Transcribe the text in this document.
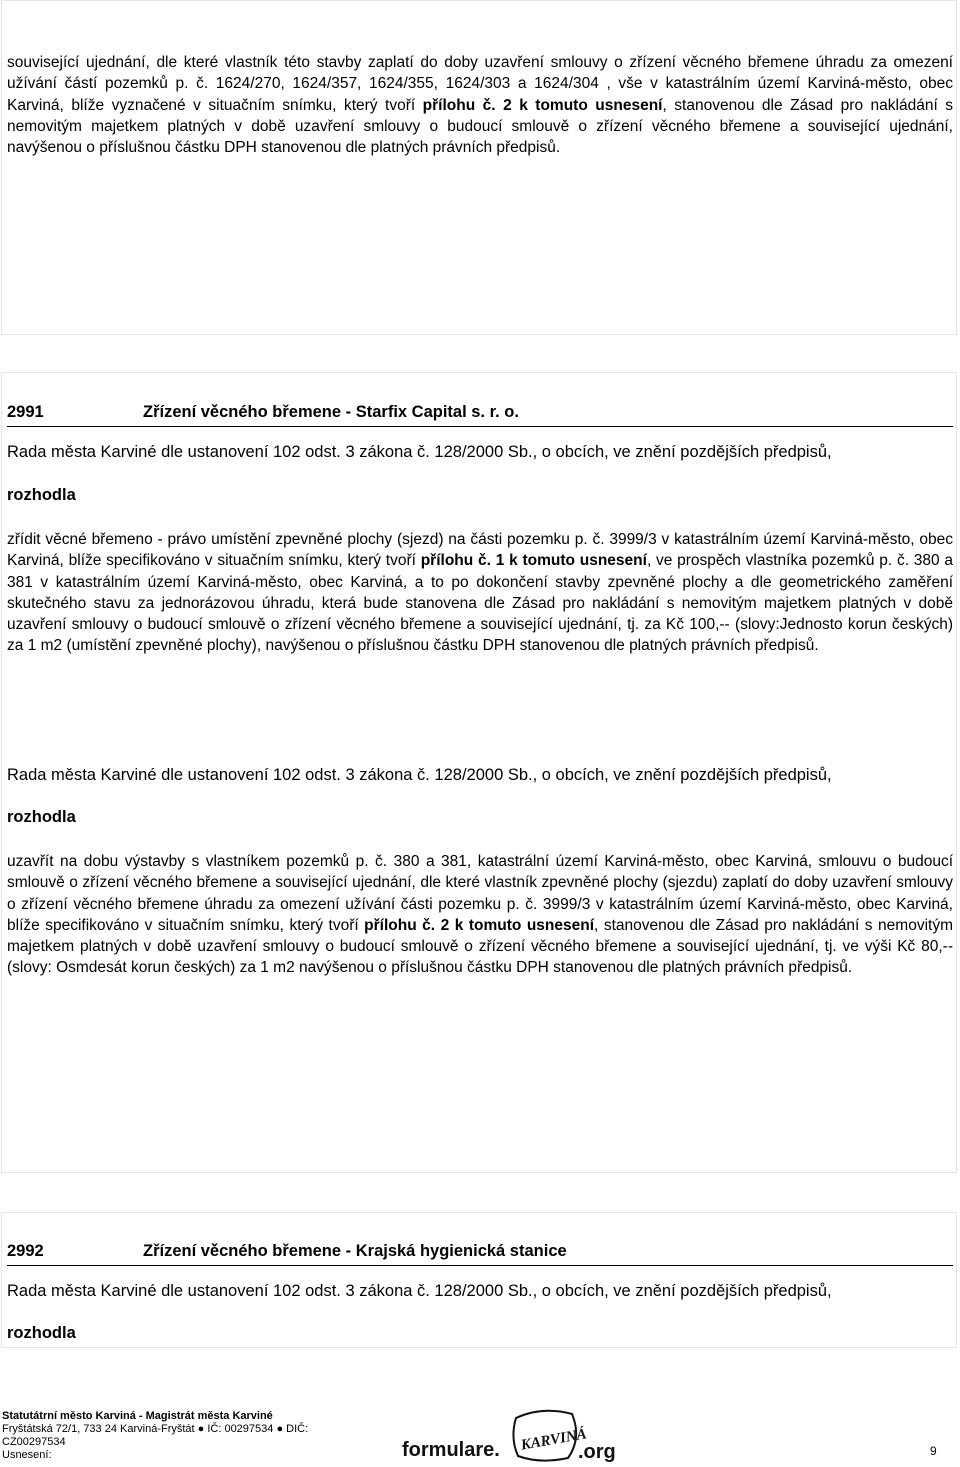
související ujednání, dle které vlastník této stavby zaplatí do doby uzavření smlouvy o zřízení věcného břemene úhradu za omezení užívání částí pozemků p. č. 1624/270, 1624/357, 1624/355, 1624/303 a 1624/304 , vše v katastrálním území Karviná-město, obec Karviná, blíže vyznačené v situačním snímku, který tvoří přílohu č. 2 k tomuto usnesení, stanovenou dle Zásad pro nakládání s nemovitým majetkem platných v době uzavření smlouvy o budoucí smlouvě o zřízení věcného břemene a související ujednání, navýšenou o příslušnou částku DPH stanovenou dle platných právních předpisů.
2991	Zřízení věcného břemene - Starfix Capital s. r. o.
Rada města Karviné dle ustanovení 102 odst. 3 zákona č. 128/2000 Sb., o obcích, ve znění pozdějších předpisů,
rozhodla
zřídit věcné břemeno - právo umístění zpevněné plochy (sjezd) na části pozemku p. č. 3999/3 v katastrálním území Karviná-město, obec Karviná, blíže specifikováno v situačním snímku, který tvoří přílohu č. 1 k tomuto usnesení, ve prospěch vlastníka pozemků p. č. 380 a 381 v katastrálním území Karviná-město, obec Karviná, a to po dokončení stavby zpevněné plochy a dle geometrického zaměření skutečného stavu za jednorázovou úhradu, která bude stanovena dle Zásad pro nakládání s nemovitým majetkem platných v době uzavření smlouvy o budoucí smlouvě o zřízení věcného břemene a související ujednání, tj. za Kč 100,-- (slovy:Jednosto korun českých) za 1 m2 (umístění zpevněné plochy), navýšenou o příslušnou částku DPH stanovenou dle platných právních předpisů.
Rada města Karviné dle ustanovení 102 odst. 3 zákona č. 128/2000 Sb., o obcích, ve znění pozdějších předpisů,
rozhodla
uzavřít na dobu výstavby s vlastníkem pozemků p. č. 380 a 381, katastrální území Karviná-město, obec Karviná, smlouvu o budoucí smlouvě o zřízení věcného břemene a související ujednání, dle které vlastník zpevněné plochy (sjezdu) zaplatí do doby uzavření smlouvy o zřízení věcného břemene úhradu za omezení užívání části pozemku p. č. 3999/3 v katastrálním území Karviná-město, obec Karviná, blíže specifikováno v situačním snímku, který tvoří přílohu č. 2 k tomuto usnesení, stanovenou dle Zásad pro nakládání s nemovitým majetkem platných v době uzavření smlouvy o budoucí smlouvě o zřízení věcného břemene a související ujednání, tj. ve výši Kč 80,-- (slovy: Osmdesát korun českých) za 1 m2 navýšenou o příslušnou částku DPH stanovenou dle platných právních předpisů.
2992	Zřízení věcného břemene - Krajská hygienická stanice
Rada města Karviné dle ustanovení 102 odst. 3 zákona č. 128/2000 Sb., o obcích, ve znění pozdějších předpisů,
rozhodla
Statutátrní město Karviná - Magistrát města Karviné
Fryštátská 72/1, 733 24 Karviná-Fryštát ● IČ: 00297534 ● DIČ:
CZ00297534
Usnesení:	formulare. KARVINÁ
.org	9
